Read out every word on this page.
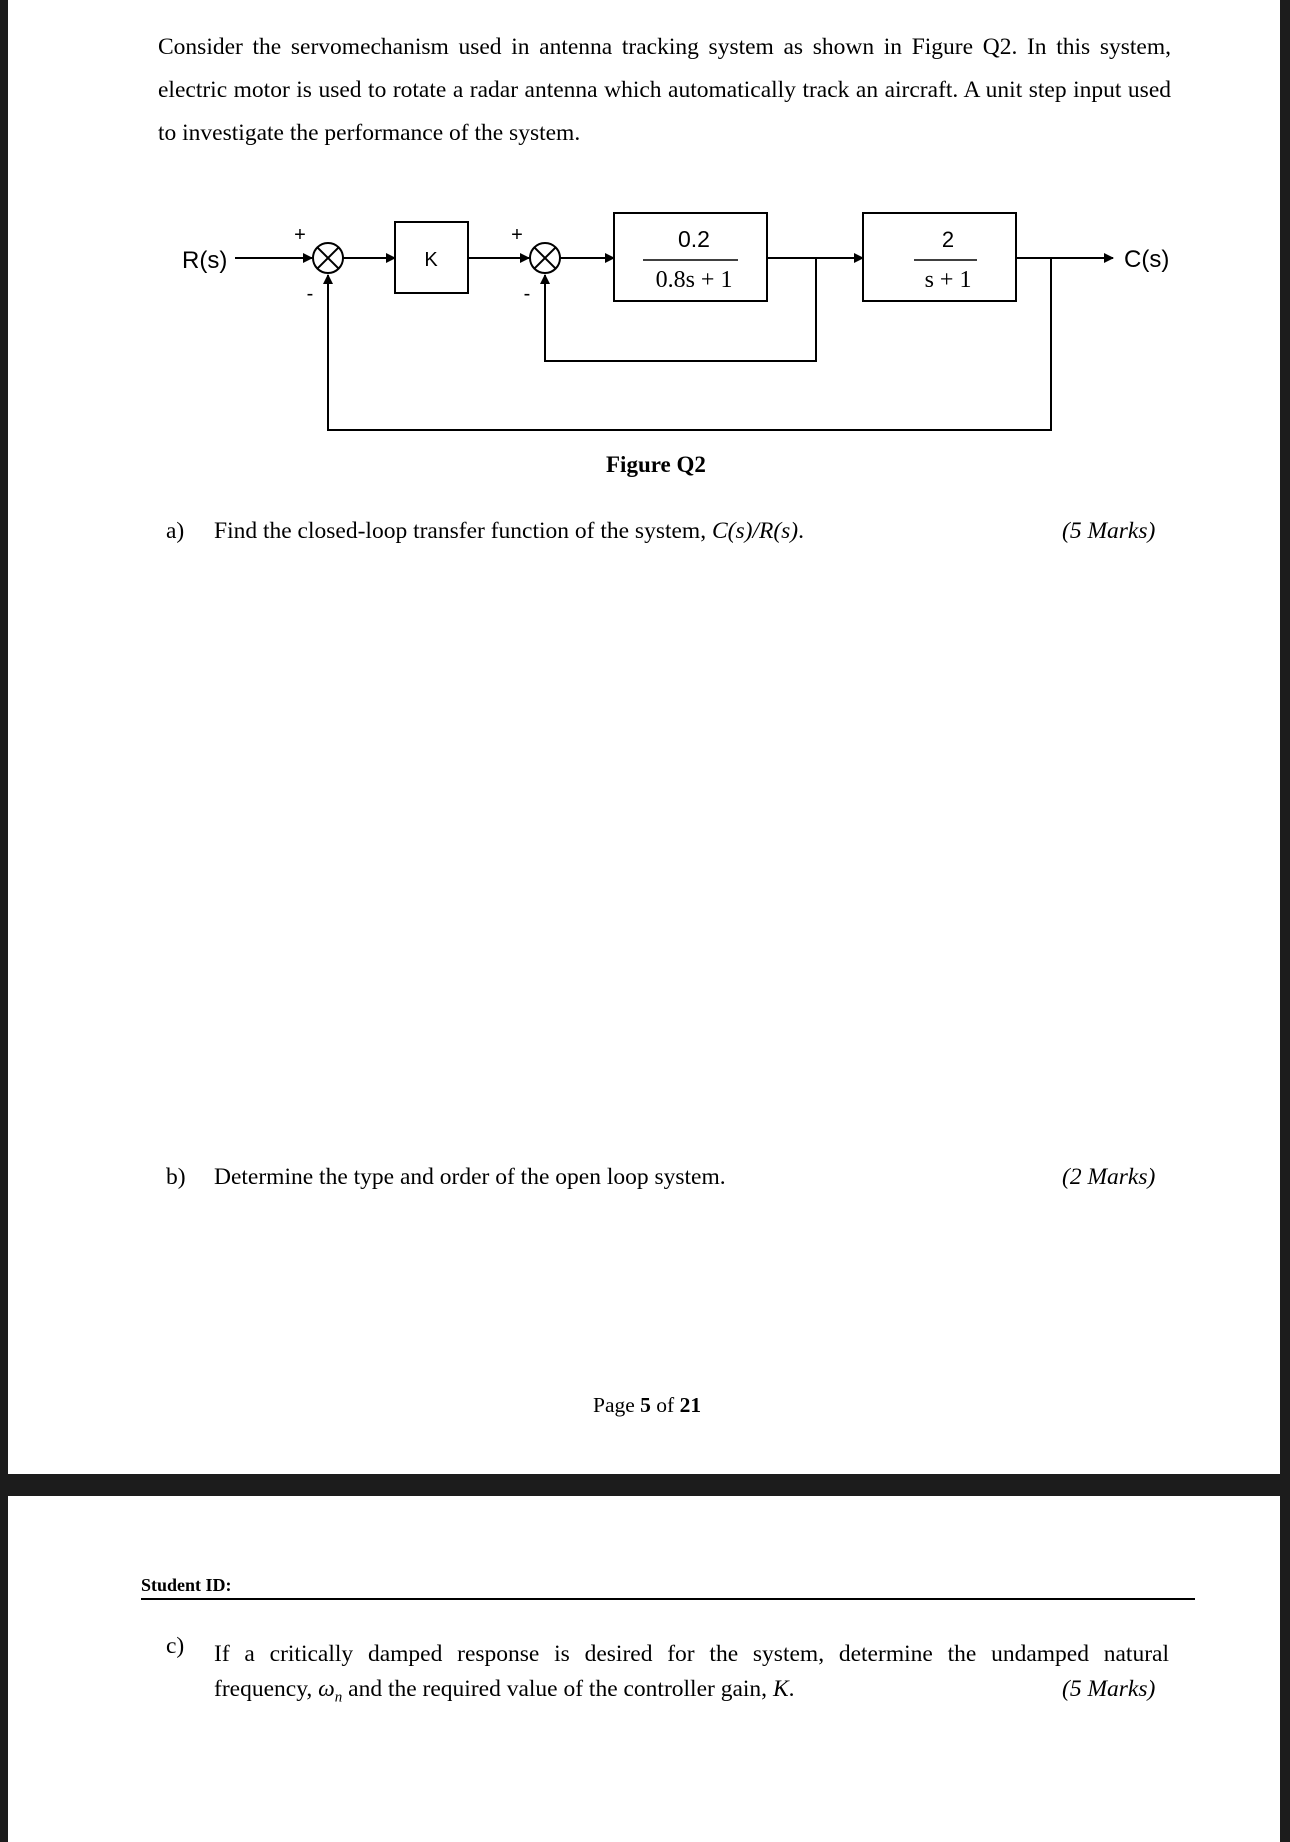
Consider the servomechanism used in antenna tracking system as shown in Figure Q2. In this system, electric motor is used to rotate a radar antenna which automatically track an aircraft. A unit step input used to investigate the performance of the system.
R(s)	C(s)
K
0.2
0.8s + 1
2
s + 1
+
-
+
-
Figure Q2
a) Find the closed-loop transfer function of the system, C(s)/R(s).	(5 Marks)
b) Determine the type and order of the open loop system.	(2 Marks)
Page 5 of 21
Student ID:
c) If a critically damped response is desired for the system, determine the undamped natural
frequency, $\omega_n$ and the required value of the controller gain, K.	(5 Marks)
